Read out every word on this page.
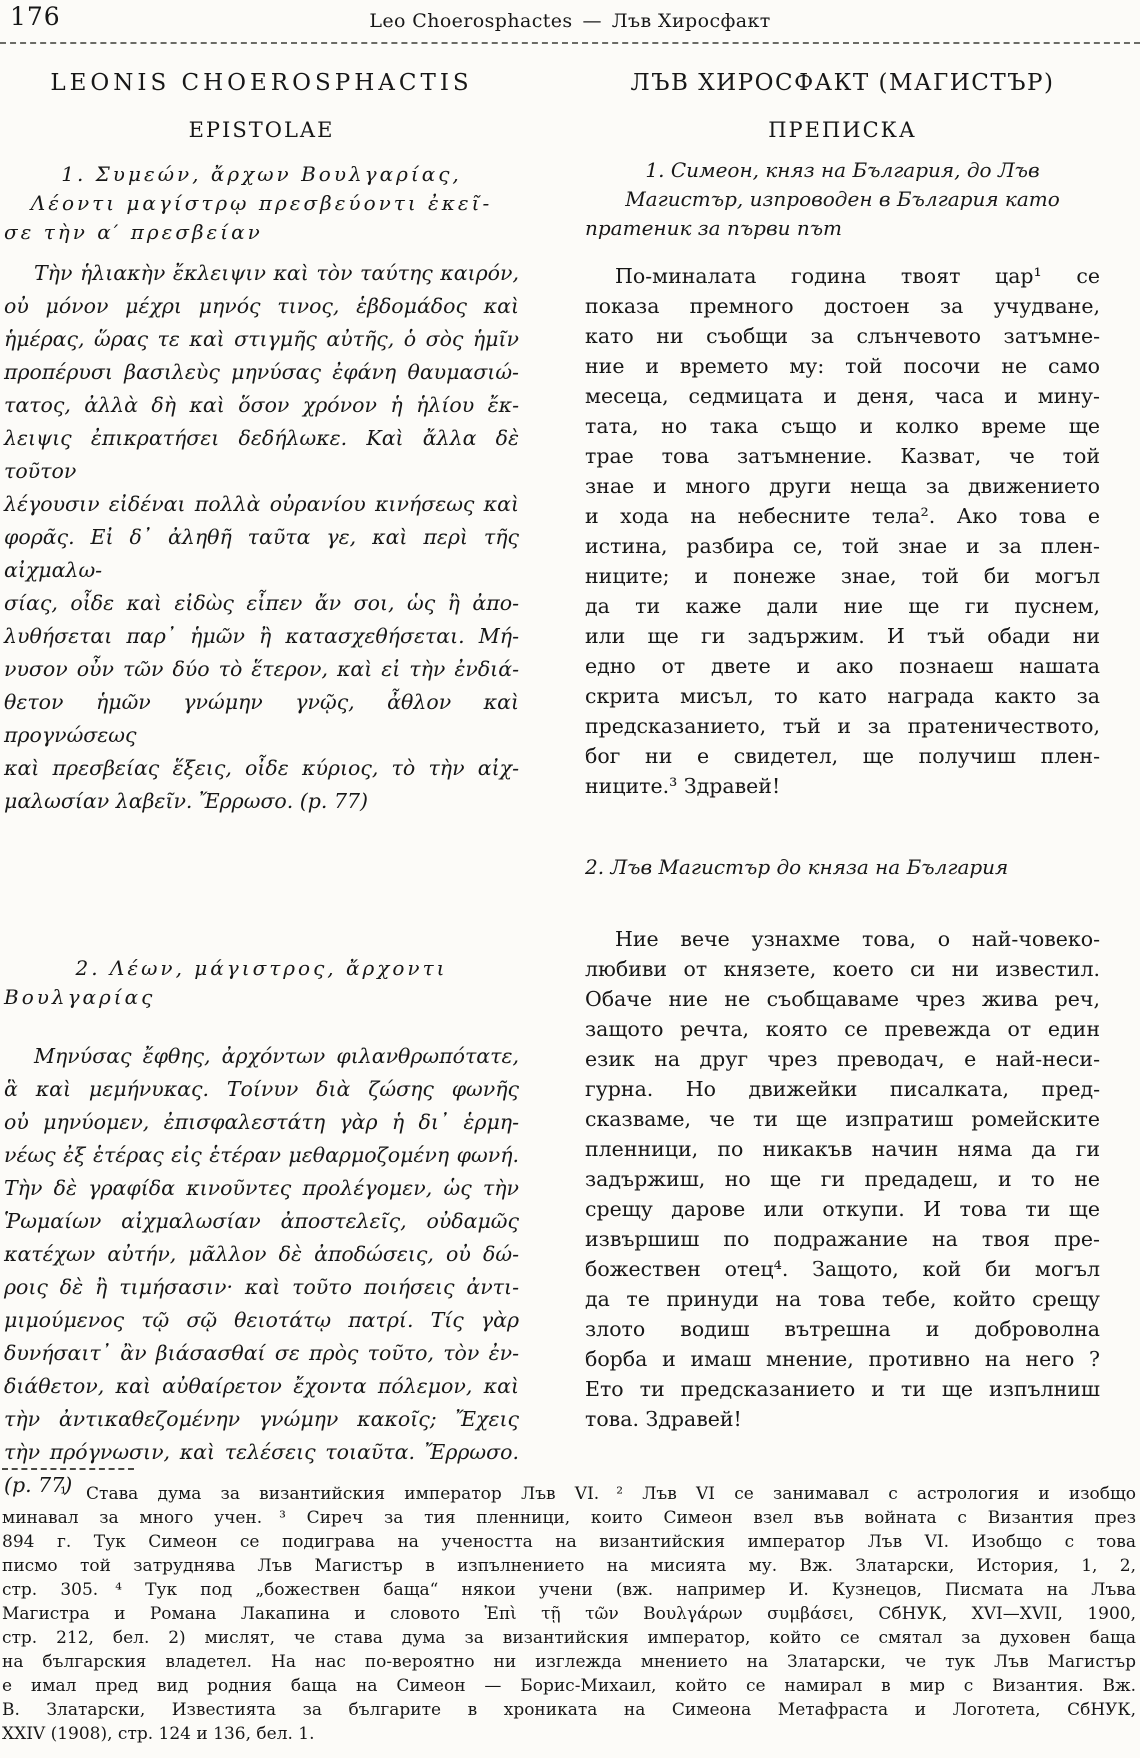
176	Leo Choerosphactes — Лъв Хиросфакт
LEONIS CHOEROSPHACTIS
EPISTOLAE
1. Συμεών, ἄρχων Βουλγαρίας,
Λέοντι μαγίστρῳ πρεσβεύοντι ἐκεῖ-
σε τὴν α′ πρεσβείαν
Τὴν ἡλιακὴν ἔκλειψιν καὶ τὸν ταύτης καιρόν,
οὐ μόνον μέχρι μηνός τινος, ἑβδομάδος καὶ
ἡμέρας, ὥρας τε καὶ στιγμῆς αὐτῆς, ὁ σὸς ἡμῖν
προπέρυσι βασιλεὺς μηνύσας ἐφάνη θαυμασιώ-
τατος, ἀλλὰ δὴ καὶ ὅσον χρόνον ἡ ἡλίου ἔκ-
λειψις ἐπικρατήσει δεδήλωκε. Καὶ ἄλλα δὲ τοῦτον
λέγουσιν εἰδέναι πολλὰ οὐρανίου κινήσεως καὶ
φορᾶς. Εἰ δ᾽ ἀληθῆ ταῦτα γε, καὶ περὶ τῆς αἰχμαλω-
σίας, οἶδε καὶ εἰδὼς εἶπεν ἄν σοι, ὡς ἢ ἀπο-
λυθήσεται παρ᾽ ἡμῶν ἢ κατασχεθήσεται. Μή-
νυσον οὖν τῶν δύο τὸ ἕτερον, καὶ εἰ τὴν ἐνδιά-
θετον ἡμῶν γνώμην γνῷς, ἆθλον καὶ προγνώσεως
καὶ πρεσβείας ἕξεις, οἶδε κύριος, τὸ τὴν αἰχ-
μαλωσίαν λαβεῖν. Ἔρρωσο. (p. 77)
2. Λέων, μάγιστρος, ἄρχοντι
Βουλγαρίας
Μηνύσας ἔφθης, ἀρχόντων φιλανθρωπότατε,
ἃ καὶ μεμήνυκας. Τοίνυν διὰ ζώσης φωνῆς
οὐ μηνύομεν, ἐπισφαλεστάτη γὰρ ἡ δι᾽ ἑρμη-
νέως ἐξ ἑτέρας εἰς ἑτέραν μεθαρμοζομένη φωνή.
Τὴν δὲ γραφίδα κινοῦντες προλέγομεν, ὡς τὴν
Ῥωμαίων αἰχμαλωσίαν ἀποστελεῖς, οὐδαμῶς
κατέχων αὐτήν, μᾶλλον δὲ ἀποδώσεις, οὐ δώ-
ροις δὲ ἢ τιμήσασιν· καὶ τοῦτο ποιήσεις ἀντι-
μιμούμενος τῷ σῷ θειοτάτῳ πατρί. Τίς γὰρ
δυνήσαιτ᾽ ἂν βιάσασθαί σε πρὸς τοῦτο, τὸν ἐν-
διάθετον, καὶ αὐθαίρετον ἔχοντα πόλεμον, καὶ
τὴν ἀντικαθεζομένην γνώμην κακοῖς; Ἔχεις
τὴν πρόγνωσιν, καὶ τελέσεις τοιαῦτα. Ἔρρωσο.
(p. 77)
ЛЪВ ХИРОСФАКТ (МАГИСТЪР)
ПРЕПИСКА
1. Симеон, княз на България, до Лъв
Магистър, изпроводен в България като
пратеник за първи път
По-миналата година твоят цар¹ се
показа премного достоен за учудване,
като ни съобщи за слънчевото затъмне-
ние и времето му: той посочи не само
месеца, седмицата и деня, часа и мину-
тата, но така също и колко време ще
трае това затъмнение. Казват, че той
знае и много други неща за движението
и хода на небесните тела². Ако това е
истина, разбира се, той знае и за плен-
ниците; и понеже знае, той би могъл
да ти каже дали ние ще ги пуснем,
или ще ги задържим. И тъй обади ни
едно от двете и ако познаеш нашата
скрита мисъл, то като награда както за
предсказанието, тъй и за пратеничеството,
бог ни е свидетел, ще получиш плен-
ниците.³ Здравей!
2. Лъв Магистър до княза на България
Ние вече узнахме това, о най-човеко-
любиви от князете, което си ни известил.
Обаче ние не съобщаваме чрез жива реч,
защото речта, която се превежда от един
език на друг чрез преводач, е най-неси-
гурна. Но движейки писалката, пред-
сказваме, че ти ще изпратиш ромейските
пленници, по никакъв начин няма да ги
задържиш, но ще ги предадеш, и то не
срещу дарове или откупи. И това ти ще
извършиш по подражание на твоя пре-
божествен отец⁴. Защото, кой би могъл
да те принуди на това тебе, който срещу
злото водиш вътрешна и доброволна
борба и имаш мнение, противно на него ?
Ето ти предсказанието и ти ще изпълниш
това. Здравей!
¹ Става дума за византийския император Лъв VI. ² Лъв VI се занимавал с астрология и изобщо
минавал за много учен. ³ Сиреч за тия пленници, които Симеон взел във войната с Византия през
894 г. Тук Симеон се подиграва на учеността на византийския император Лъв VI. Изобщо с това
писмо той затруднява Лъв Магистър в изпълнението на мисията му. Вж. Златарски, История, 1, 2,
стр. 305. ⁴ Тук под „божествен баща“ някои учени (вж. например И. Кузнецов, Писмата на Лъва
Магистра и Романа Лакапина и словото Ἐπὶ τῇ τῶν Βουλγάρων συμβάσει, СбНУК, XVI—XVII, 1900,
стр. 212, бел. 2) мислят, че става дума за византийския император, който се смятал за духовен баща
на българския владетел. На нас по-вероятно ни изглежда мнението на Златарски, че тук Лъв Магистър
е имал пред вид родния баща на Симеон — Борис-Михаил, който се намирал в мир с Византия. Вж.
В. Златарски, Известията за българите в хрониката на Симеона Метафраста и Логотета, СбНУК,
XXIV (1908), стр. 124 и 136, бел. 1.
